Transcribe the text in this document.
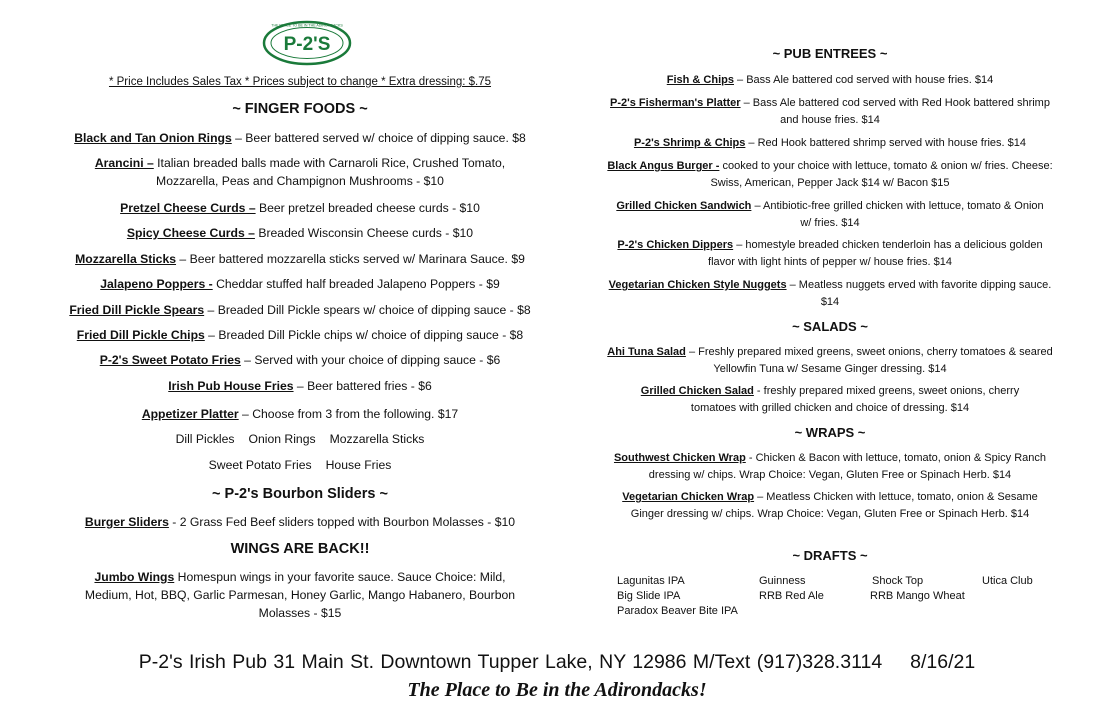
P-2'S
THE PLACE TO BE IN THE ADIRONDACKS
* Price Includes Sales Tax * Prices subject to change * Extra dressing: $.75
~ FINGER FOODS ~
Black and Tan Onion Rings – Beer battered served w/ choice of dipping sauce. $8
Arancini – Italian breaded balls made with Carnaroli Rice, Crushed Tomato, Mozzarella, Peas and Champignon Mushrooms - $10
Pretzel Cheese Curds – Beer pretzel breaded cheese curds - $10
Spicy Cheese Curds – Breaded Wisconsin Cheese curds - $10
Mozzarella Sticks – Beer battered mozzarella sticks served w/ Marinara Sauce. $9
Jalapeno Poppers - Cheddar stuffed half breaded Jalapeno Poppers - $9
Fried Dill Pickle Spears – Breaded Dill Pickle spears w/ choice of dipping sauce - $8
Fried Dill Pickle Chips – Breaded Dill Pickle chips w/ choice of dipping sauce - $8
P-2's Sweet Potato Fries – Served with your choice of dipping sauce - $6
Irish Pub House Fries – Beer battered fries - $6
Appetizer Platter – Choose from 3 from the following. $17
Dill Pickles Onion Rings Mozzarella Sticks
Sweet Potato Fries House Fries
~ P-2's Bourbon Sliders ~
Burger Sliders - 2 Grass Fed Beef sliders topped with Bourbon Molasses - $10
WINGS ARE BACK!!
Jumbo Wings Homespun wings in your favorite sauce. Sauce Choice: Mild, Medium, Hot, BBQ, Garlic Parmesan, Honey Garlic, Mango Habanero, Bourbon Molasses - $15
~ PUB ENTREES ~
Fish & Chips – Bass Ale battered cod served with house fries. $14
P-2's Fisherman's Platter – Bass Ale battered cod served with Red Hook battered shrimp and house fries. $14
P-2's Shrimp & Chips – Red Hook battered shrimp served with house fries. $14
Black Angus Burger - cooked to your choice with lettuce, tomato & onion w/ fries. Cheese: Swiss, American, Pepper Jack $14 w/ Bacon $15
Grilled Chicken Sandwich – Antibiotic-free grilled chicken with lettuce, tomato & Onion w/ fries. $14
P-2's Chicken Dippers – homestyle breaded chicken tenderloin has a delicious golden flavor with light hints of pepper w/ house fries. $14
Vegetarian Chicken Style Nuggets – Meatless nuggets erved with favorite dipping sauce. $14
~ SALADS ~
Ahi Tuna Salad – Freshly prepared mixed greens, sweet onions, cherry tomatoes & seared Yellowfin Tuna w/ Sesame Ginger dressing. $14
Grilled Chicken Salad - freshly prepared mixed greens, sweet onions, cherry tomatoes with grilled chicken and choice of dressing. $14
~ WRAPS ~
Southwest Chicken Wrap - Chicken & Bacon with lettuce, tomato, onion & Spicy Ranch dressing w/ chips. Wrap Choice: Vegan, Gluten Free or Spinach Herb. $14
Vegetarian Chicken Wrap – Meatless Chicken with lettuce, tomato, onion & Sesame Ginger dressing w/ chips. Wrap Choice: Vegan, Gluten Free or Spinach Herb. $14
~ DRAFTS ~
Lagunitas IPA	Guinness	Shock Top	Utica Club
Big Slide IPA	RRB Red Ale	RRB Mango Wheat
Paradox Beaver Bite IPA
P-2's Irish Pub 31 Main St. Downtown Tupper Lake, NY 12986 M/Text (917)328.3114 8/16/21
The Place to Be in the Adirondacks!
